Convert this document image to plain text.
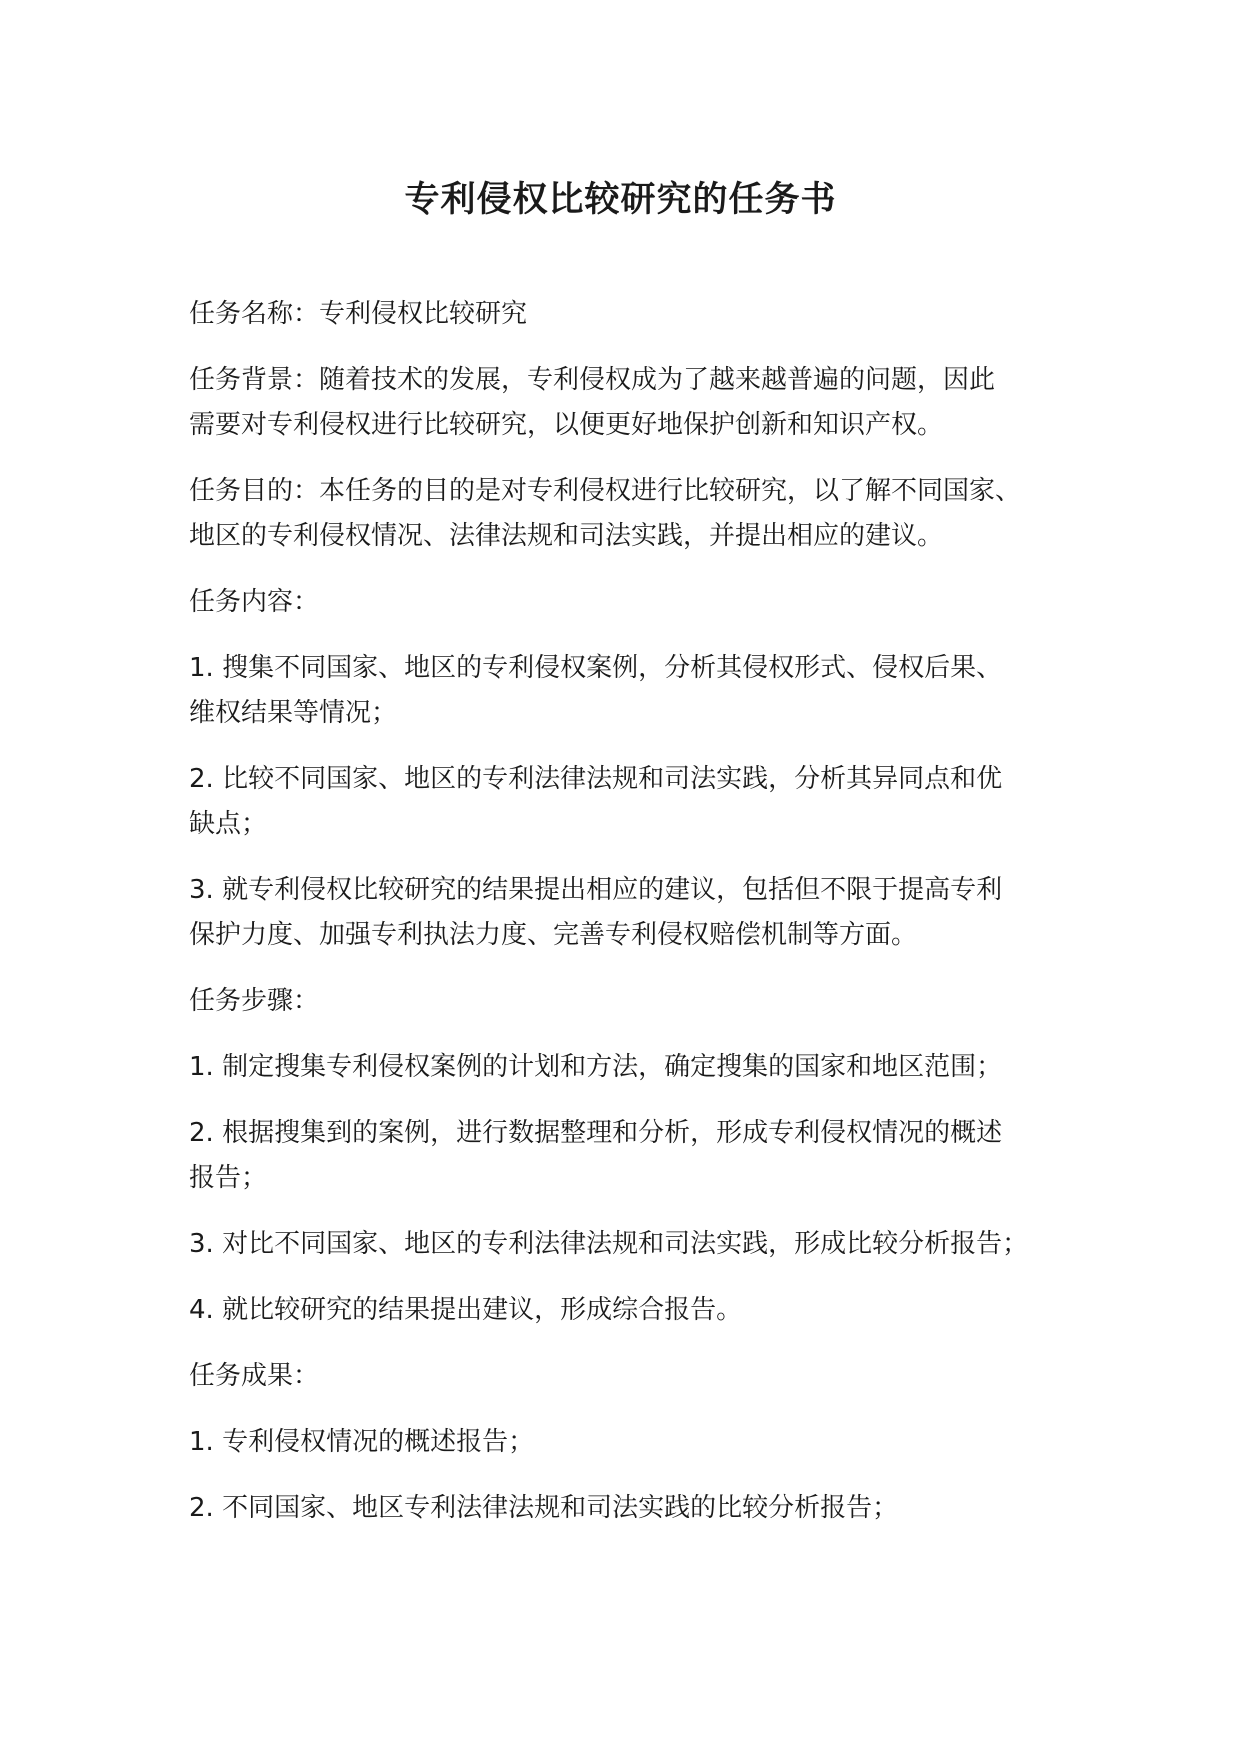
专利侵权比较研究的任务书

任务名称：专利侵权比较研究

任务背景：随着技术的发展，专利侵权成为了越来越普遍的问题，因此
需要对专利侵权进行比较研究，以便更好地保护创新和知识产权。

任务目的：本任务的目的是对专利侵权进行比较研究，以了解不同国家、
地区的专利侵权情况、法律法规和司法实践，并提出相应的建议。

任务内容：

1. 搜集不同国家、地区的专利侵权案例，分析其侵权形式、侵权后果、
维权结果等情况；

2. 比较不同国家、地区的专利法律法规和司法实践，分析其异同点和优
缺点；

3. 就专利侵权比较研究的结果提出相应的建议，包括但不限于提高专利
保护力度、加强专利执法力度、完善专利侵权赔偿机制等方面。

任务步骤：

1. 制定搜集专利侵权案例的计划和方法，确定搜集的国家和地区范围；

2. 根据搜集到的案例，进行数据整理和分析，形成专利侵权情况的概述
报告；

3. 对比不同国家、地区的专利法律法规和司法实践，形成比较分析报告；

4. 就比较研究的结果提出建议，形成综合报告。

任务成果：

1. 专利侵权情况的概述报告；

2. 不同国家、地区专利法律法规和司法实践的比较分析报告；
